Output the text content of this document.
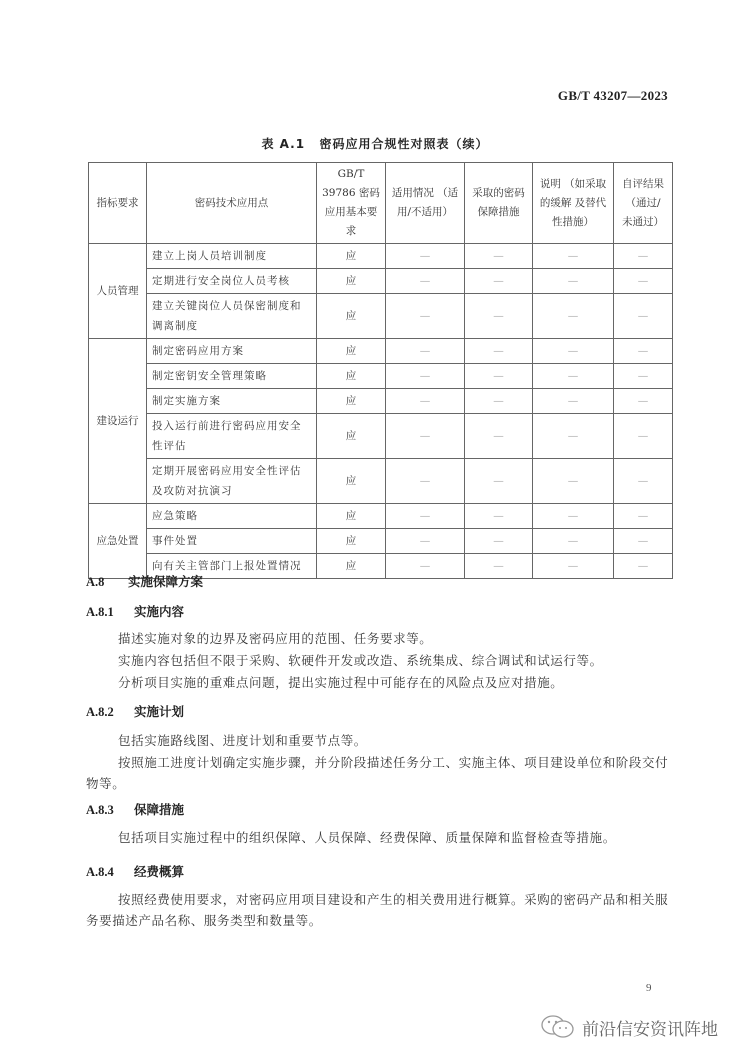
GB/T 43207—2023
表 A.1 密码应用合规性对照表（续）
指标要求	密码技术应用点	GB/T 39786 密码应用基本要求	适用情况 （适用/不适用）	采取的密码 保障措施	说明 （如采取的缓解 及替代性措施）	自评结果 （通过/ 未通过）
人员管理	建立上岗人员培训制度	应	—	—	—	—
	定期进行安全岗位人员考核	应	—	—	—	—
	建立关键岗位人员保密制度和调离制度	应	—	—	—	—
建设运行	制定密码应用方案	应	—	—	—	—
	制定密钥安全管理策略	应	—	—	—	—
	制定实施方案	应	—	—	—	—
	投入运行前进行密码应用安全性评估	应	—	—	—	—
	定期开展密码应用安全性评估及攻防对抗演习	应	—	—	—	—
应急处置	应急策略	应	—	—	—	—
	事件处置	应	—	—	—	—
	向有关主管部门上报处置情况	应	—	—	—	—
A.8 实施保障方案
A.8.1 实施内容
描述实施对象的边界及密码应用的范围、任务要求等。
实施内容包括但不限于采购、软硬件开发或改造、系统集成、综合调试和试运行等。
分析项目实施的重难点问题，提出实施过程中可能存在的风险点及应对措施。
A.8.2 实施计划
包括实施路线图、进度计划和重要节点等。
按照施工进度计划确定实施步骤，并分阶段描述任务分工、实施主体、项目建设单位和阶段交付物等。
A.8.3 保障措施
包括项目实施过程中的组织保障、人员保障、经费保障、质量保障和监督检查等措施。
A.8.4 经费概算
按照经费使用要求，对密码应用项目建设和产生的相关费用进行概算。采购的密码产品和相关服务要描述产品名称、服务类型和数量等。
9
前沿信安资讯阵地
